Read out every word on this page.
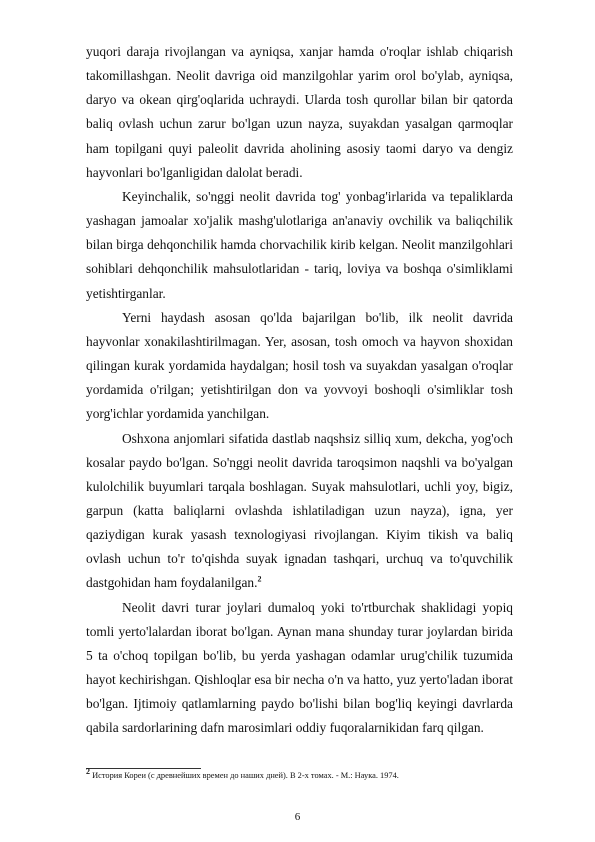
yuqori daraja rivojlangan va ayniqsa, xanjar hamda o'roqlar ishlab chiqarish takomillashgan. Neolit davriga oid manzilgohlar yarim orol bo'ylab, ayniqsa, daryo va okean qirg'oqlarida uchraydi. Ularda tosh qurollar bilan bir qatorda baliq ovlash uchun zarur bo'lgan uzun nayza, suyakdan yasalgan qarmoqlar ham topilgani quyi paleolit davrida aholining asosiy taomi daryo va dengiz hayvonlari bo'lganligidan dalolat beradi.

Keyinchalik, so'nggi neolit davrida tog' yonbag'irlarida va tepaliklarda yashagan jamoalar xo'jalik mashg'ulotlariga an'anaviy ovchilik va baliqchilik bilan birga dehqonchilik hamda chorvachilik kirib kelgan. Neolit manzilgohlari sohiblari dehqonchilik mahsulotlaridan - tariq, loviya va boshqa o'simliklami yetishtirganlar.

Yerni haydash asosan qo'lda bajarilgan bo'lib, ilk neolit davrida hayvonlar xonakilashtirilmagan. Yer, asosan, tosh omoch va hayvon shoxidan qilingan kurak yordamida haydalgan; hosil tosh va suyakdan yasalgan o'roqlar yordamida o'rilgan; yetishtirilgan don va yovvoyi boshoqli o'simliklar tosh yorg'ichlar yordamida yanchilgan.

Oshxona anjomlari sifatida dastlab naqshsiz silliq xum, dekcha, yog'och kosalar paydo bo'lgan. So'nggi neolit davrida taroqsimon naqshli va bo'yalgan kulolchilik buyumlari tarqala boshlagan. Suyak mahsulotlari, uchli yoy, bigiz, garpun (katta baliqlarni ovlashda ishlatiladigan uzun nayza), igna, yer qaziydigan kurak yasash texnologiyasi rivojlangan. Kiyim tikish va baliq ovlash uchun to'r to'qishda suyak ignadan tashqari, urchuq va to'quvchilik dastgohidan ham foydalanilgan.$^2$

Neolit davri turar joylari dumaloq yoki to'rtburchak shaklidagi yopiq tomli yerto'lalardan iborat bo'lgan. Aynan mana shunday turar joylardan birida 5 ta o'choq topilgan bo'lib, bu yerda yashagan odamlar urug'chilik tuzumida hayot kechirishgan. Qishloqlar esa bir necha o'n va hatto, yuz yerto'ladan iborat bo'lgan. Ijtimoiy qatlamlarning paydo bo'lishi bilan bog'liq keyingi davrlarda qabila sardorlarining dafn marosimlari oddiy fuqoralarnikidan farq qilgan.

$^2$ История Кореи (с древнейших времен до наших дней). В 2-х томах. - М.: Наука. 1974.
6
